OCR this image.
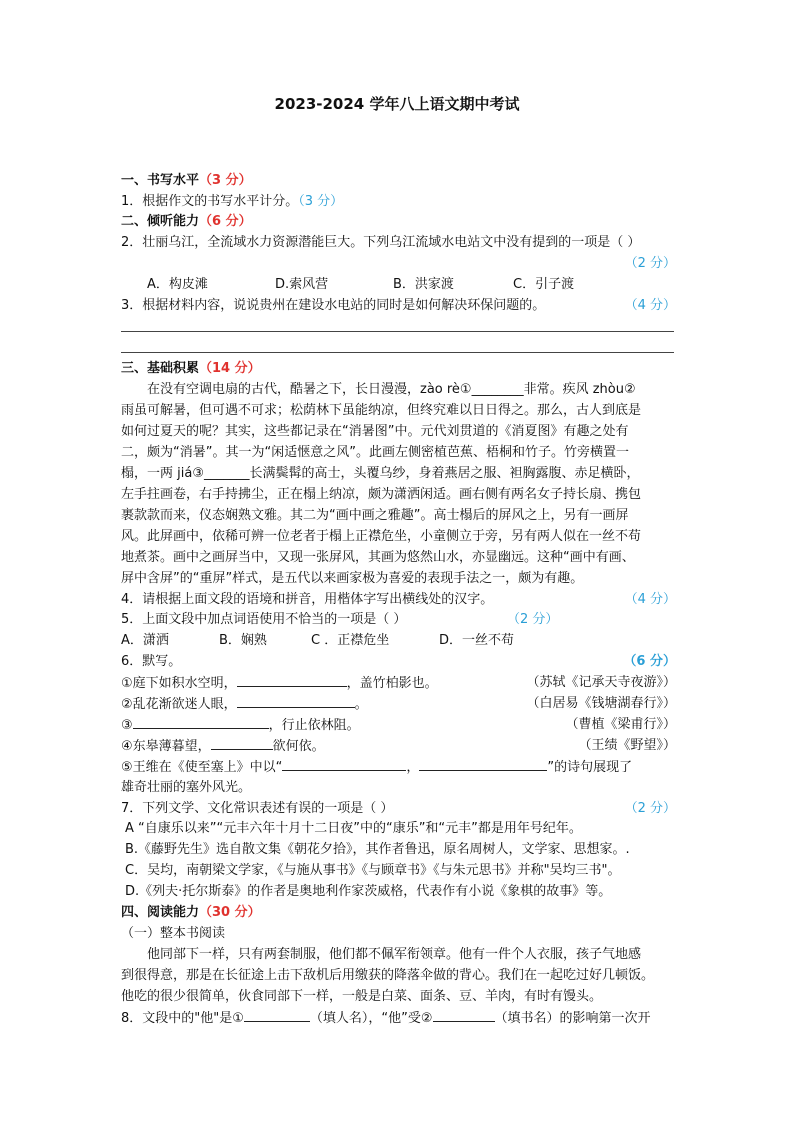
2023-2024 学年八上语文期中考试
一、书写水平（3 分）
1．根据作文的书写水平计分。（3 分）
二、倾听能力（6 分）
2．壮丽乌江，全流域水力资源潜能巨大。下列乌江流域水电站文中没有提到的一项是（ ）
（2 分）
A．构皮滩	D.索风营	B．洪家渡	C．引子渡
3．根据材料内容，说说贵州在建设水电站的同时是如何解决环保问题的。	（4 分）
三、基础积累（14 分）
在没有空调电扇的古代，酷暑之下，长日漫漫，zào rè①________非常。疾风 zhòu②
雨虽可解暑，但可遇不可求；松荫林下虽能纳凉，但终究难以日日得之。那么，古人到底是
如何过夏天的呢？其实，这些都记录在“消暑图”中。元代刘贯道的《消夏图》有趣之处有
二，颇为“消暑”。其一为“闲适惬意之风”。此画左侧密植芭蕉、梧桐和竹子。竹旁横置一
榻，一两 jiá③_______长满鬓髯的高士，头覆乌纱，身着燕居之服、袒胸露腹、赤足横卧，
左手拄画卷，右手持拂尘，正在榻上纳凉，颇为潇洒闲适。画右侧有两名女子持长扇、携包
裹款款而来，仪态娴熟文雅。其二为“画中画之雅趣”。高士榻后的屏风之上，另有一画屏
风。此屏画中，依稀可辨一位老者于榻上正襟危坐，小童侧立于旁，另有两人似在一丝不苟
地煮茶。画中之画屏当中，又现一张屏风，其画为悠然山水，亦显幽远。这种“画中有画、
屏中含屏”的“重屏”样式，是五代以来画家极为喜爱的表现手法之一，颇为有趣。
4．请根据上面文段的语境和拼音，用楷体字写出横线处的汉字。	（4 分）
5．上面文段中加点词语使用不恰当的一项是（ ）	（2 分）
A．潇洒	B．娴熟	C ．正襟危坐	D．一丝不苟
6．默写。	（6 分）
①庭下如积水空明，	，盖竹柏影也。	（苏轼《记承天寺夜游》）
②乱花渐欲迷人眼，	。	（白居易《钱塘湖春行》）
③	，行止依林阻。	（曹植《梁甫行》）
④东皋薄暮望，	欲何依。	（王绩《野望》）
⑤王维在《使至塞上》中以“	，	”的诗句展现了
雄奇壮丽的塞外风光。
7．下列文学、文化常识表述有误的一项是（ ）	（2 分）
A “自康乐以来”“元丰六年十月十二日夜”中的“康乐”和“元丰”都是用年号纪年。
B.《藤野先生》选自散文集《朝花夕拾》，其作者鲁迅，原名周树人，文学家、思想家。.
C．吴均，南朝梁文学家，《与施从事书》《与顾章书》《与朱元思书》并称"吴均三书"。
D.《列夫·托尔斯泰》的作者是奥地利作家茨威格，代表作有小说《象棋的故事》等。
四、阅读能力（30 分）
（一）整本书阅读
他同部下一样，只有两套制服，他们都不佩军衔领章。他有一件个人衣服，孩子气地感
到很得意，那是在长征途上击下敌机后用缴获的降落伞做的背心。我们在一起吃过好几顿饭。
他吃的很少很简单，伙食同部下一样，一般是白菜、面条、豆、羊肉，有时有馒头。
8．文段中的"他"是①	（填人名），“他”受②	（填书名）的影响第一次开
